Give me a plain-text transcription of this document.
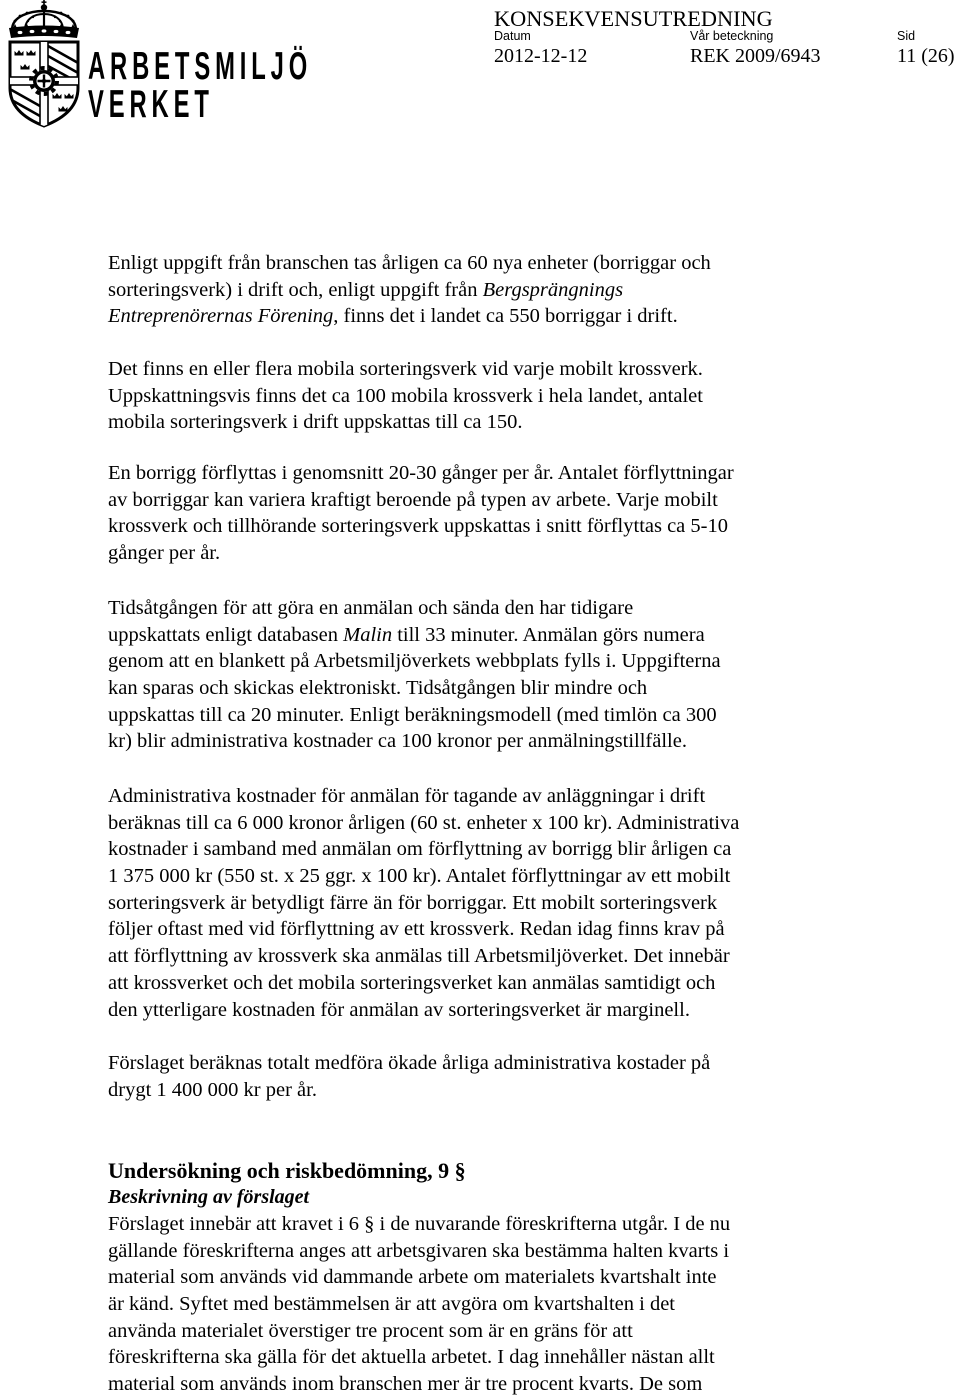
ARBETSMILJÖ
VERKET
KONSEKVENSUTREDNING
Datum	Vår beteckning	Sid
2012-12-12	REK 2009/6943	11 (26)
Enligt uppgift från branschen tas årligen ca 60 nya enheter (borriggar och
sorteringsverk) i drift och, enligt uppgift från Bergsprängnings
Entreprenörernas Förening, finns det i landet ca 550 borriggar i drift.
Det finns en eller flera mobila sorteringsverk vid varje mobilt krossverk.
Uppskattningsvis finns det ca 100 mobila krossverk i hela landet, antalet
mobila sorteringsverk i drift uppskattas till ca 150.
En borrigg förflyttas i genomsnitt 20-30 gånger per år. Antalet förflyttningar
av borriggar kan variera kraftigt beroende på typen av arbete. Varje mobilt
krossverk och tillhörande sorteringsverk uppskattas i snitt förflyttas ca 5-10
gånger per år.
Tidsåtgången för att göra en anmälan och sända den har tidigare
uppskattats enligt databasen Malin till 33 minuter. Anmälan görs numera
genom att en blankett på Arbetsmiljöverkets webbplats fylls i. Uppgifterna
kan sparas och skickas elektroniskt. Tidsåtgången blir mindre och
uppskattas till ca 20 minuter. Enligt beräkningsmodell (med timlön ca 300
kr) blir administrativa kostnader ca 100 kronor per anmälningstillfälle.
Administrativa kostnader för anmälan för tagande av anläggningar i drift
beräknas till ca 6 000 kronor årligen (60 st. enheter x 100 kr). Administrativa
kostnader i samband med anmälan om förflyttning av borrigg blir årligen ca
1 375 000 kr (550 st. x 25 ggr. x 100 kr). Antalet förflyttningar av ett mobilt
sorteringsverk är betydligt färre än för borriggar. Ett mobilt sorteringsverk
följer oftast med vid förflyttning av ett krossverk. Redan idag finns krav på
att förflyttning av krossverk ska anmälas till Arbetsmiljöverket. Det innebär
att krossverket och det mobila sorteringsverket kan anmälas samtidigt och
den ytterligare kostnaden för anmälan av sorteringsverket är marginell.
Förslaget beräknas totalt medföra ökade årliga administrativa kostader på
drygt 1 400 000 kr per år.
Undersökning och riskbedömning, 9 §
Beskrivning av förslaget
Förslaget innebär att kravet i 6 § i de nuvarande föreskrifterna utgår. I de nu
gällande föreskrifterna anges att arbetsgivaren ska bestämma halten kvarts i
material som används vid dammande arbete om materialets kvartshalt inte
är känd. Syftet med bestämmelsen är att avgöra om kvartshalten i det
använda materialet överstiger tre procent som är en gräns för att
föreskrifterna ska gälla för det aktuella arbetet. I dag innehåller nästan allt
material som används inom branschen mer är tre procent kvarts. De som
